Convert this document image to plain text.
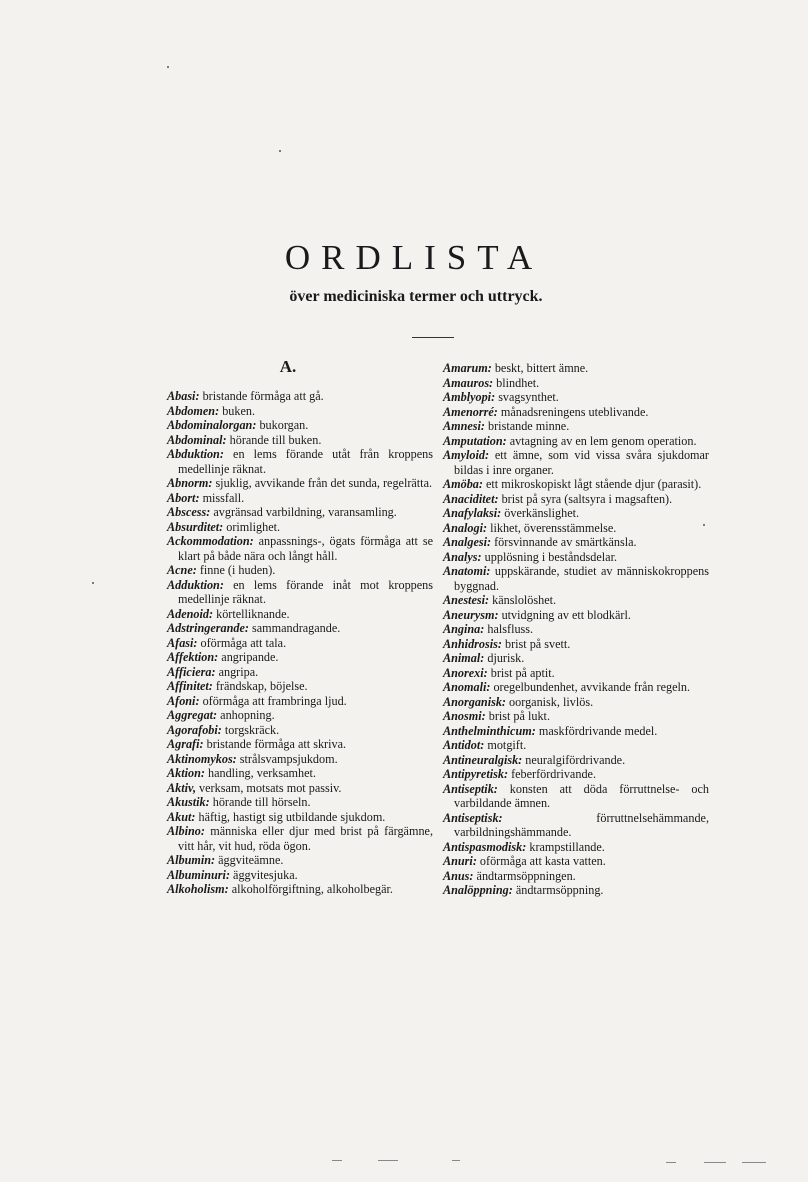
ORDLISTA
över mediciniska termer och uttryck.
A.
Abasi: bristande förmåga att gå.
Abdomen: buken.
Abdominalorgan: bukorgan.
Abdominal: hörande till buken.
Abduktion: en lems förande utåt från kroppens medellinje räknat.
Abnorm: sjuklig, avvikande från det sunda, regelrätta.
Abort: missfall.
Abscess: avgränsad varbildning, varansamling.
Absurditet: orimlighet.
Ackommodation: anpassnings-, ögats förmåga att se klart på både nära och långt håll.
Acne: finne (i huden).
Adduktion: en lems förande inåt mot kroppens medellinje räknat.
Adenoid: körtelliknande.
Adstringerande: sammandragande.
Afasi: oförmåga att tala.
Affektion: angripande.
Afficiera: angripa.
Affinitet: frändskap, böjelse.
Afoni: oförmåga att frambringa ljud.
Aggregat: anhopning.
Agorafobi: torgskräck.
Agrafi: bristande förmåga att skriva.
Aktinomykos: strålsvampsjukdom.
Aktion: handling, verksamhet.
Aktiv, verksam, motsats mot passiv.
Akustik: hörande till hörseln.
Akut: häftig, hastigt sig utbildande sjukdom.
Albino: människa eller djur med brist på färgämne, vitt hår, vit hud, röda ögon.
Albumin: äggviteämne.
Albuminuri: äggvitesjuka.
Alkoholism: alkoholförgiftning, alkoholbegär.
Amarum: beskt, bittert ämne.
Amauros: blindhet.
Amblyopi: svagsynthet.
Amenorré: månadsreningens uteblivande.
Amnesi: bristande minne.
Amputation: avtagning av en lem genom operation.
Amyloid: ett ämne, som vid vissa svåra sjukdomar bildas i inre organer.
Amöba: ett mikroskopiskt lågt stående djur (parasit).
Anaciditet: brist på syra (saltsyra i magsaften).
Anafylaksi: överkänslighet.
Analogi: likhet, överensstämmelse.
Analgesi: försvinnande av smärtkänsla.
Analys: upplösning i beståndsdelar.
Anatomi: uppskärande, studiet av människokroppens byggnad.
Anestesi: känslolöshet.
Aneurysm: utvidgning av ett blodkärl.
Angina: halsfluss.
Anhidrosis: brist på svett.
Animal: djurisk.
Anorexi: brist på aptit.
Anomali: oregelbundenhet, avvikande från regeln.
Anorganisk: oorganisk, livlös.
Anosmi: brist på lukt.
Anthelminthicum: maskfördrivande medel.
Antidot: motgift.
Antineuralgisk: neuralgifördrivande.
Antipyretisk: feberfördrivande.
Antiseptik: konsten att döda förruttnelse- och varbildande ämnen.
Antiseptisk: förruttnelsehämmande, varbildningshämmande.
Antispasmodisk: krampstillande.
Anuri: oförmåga att kasta vatten.
Anus: ändtarmsöppningen.
Analöppning: ändtarmsöppning.
